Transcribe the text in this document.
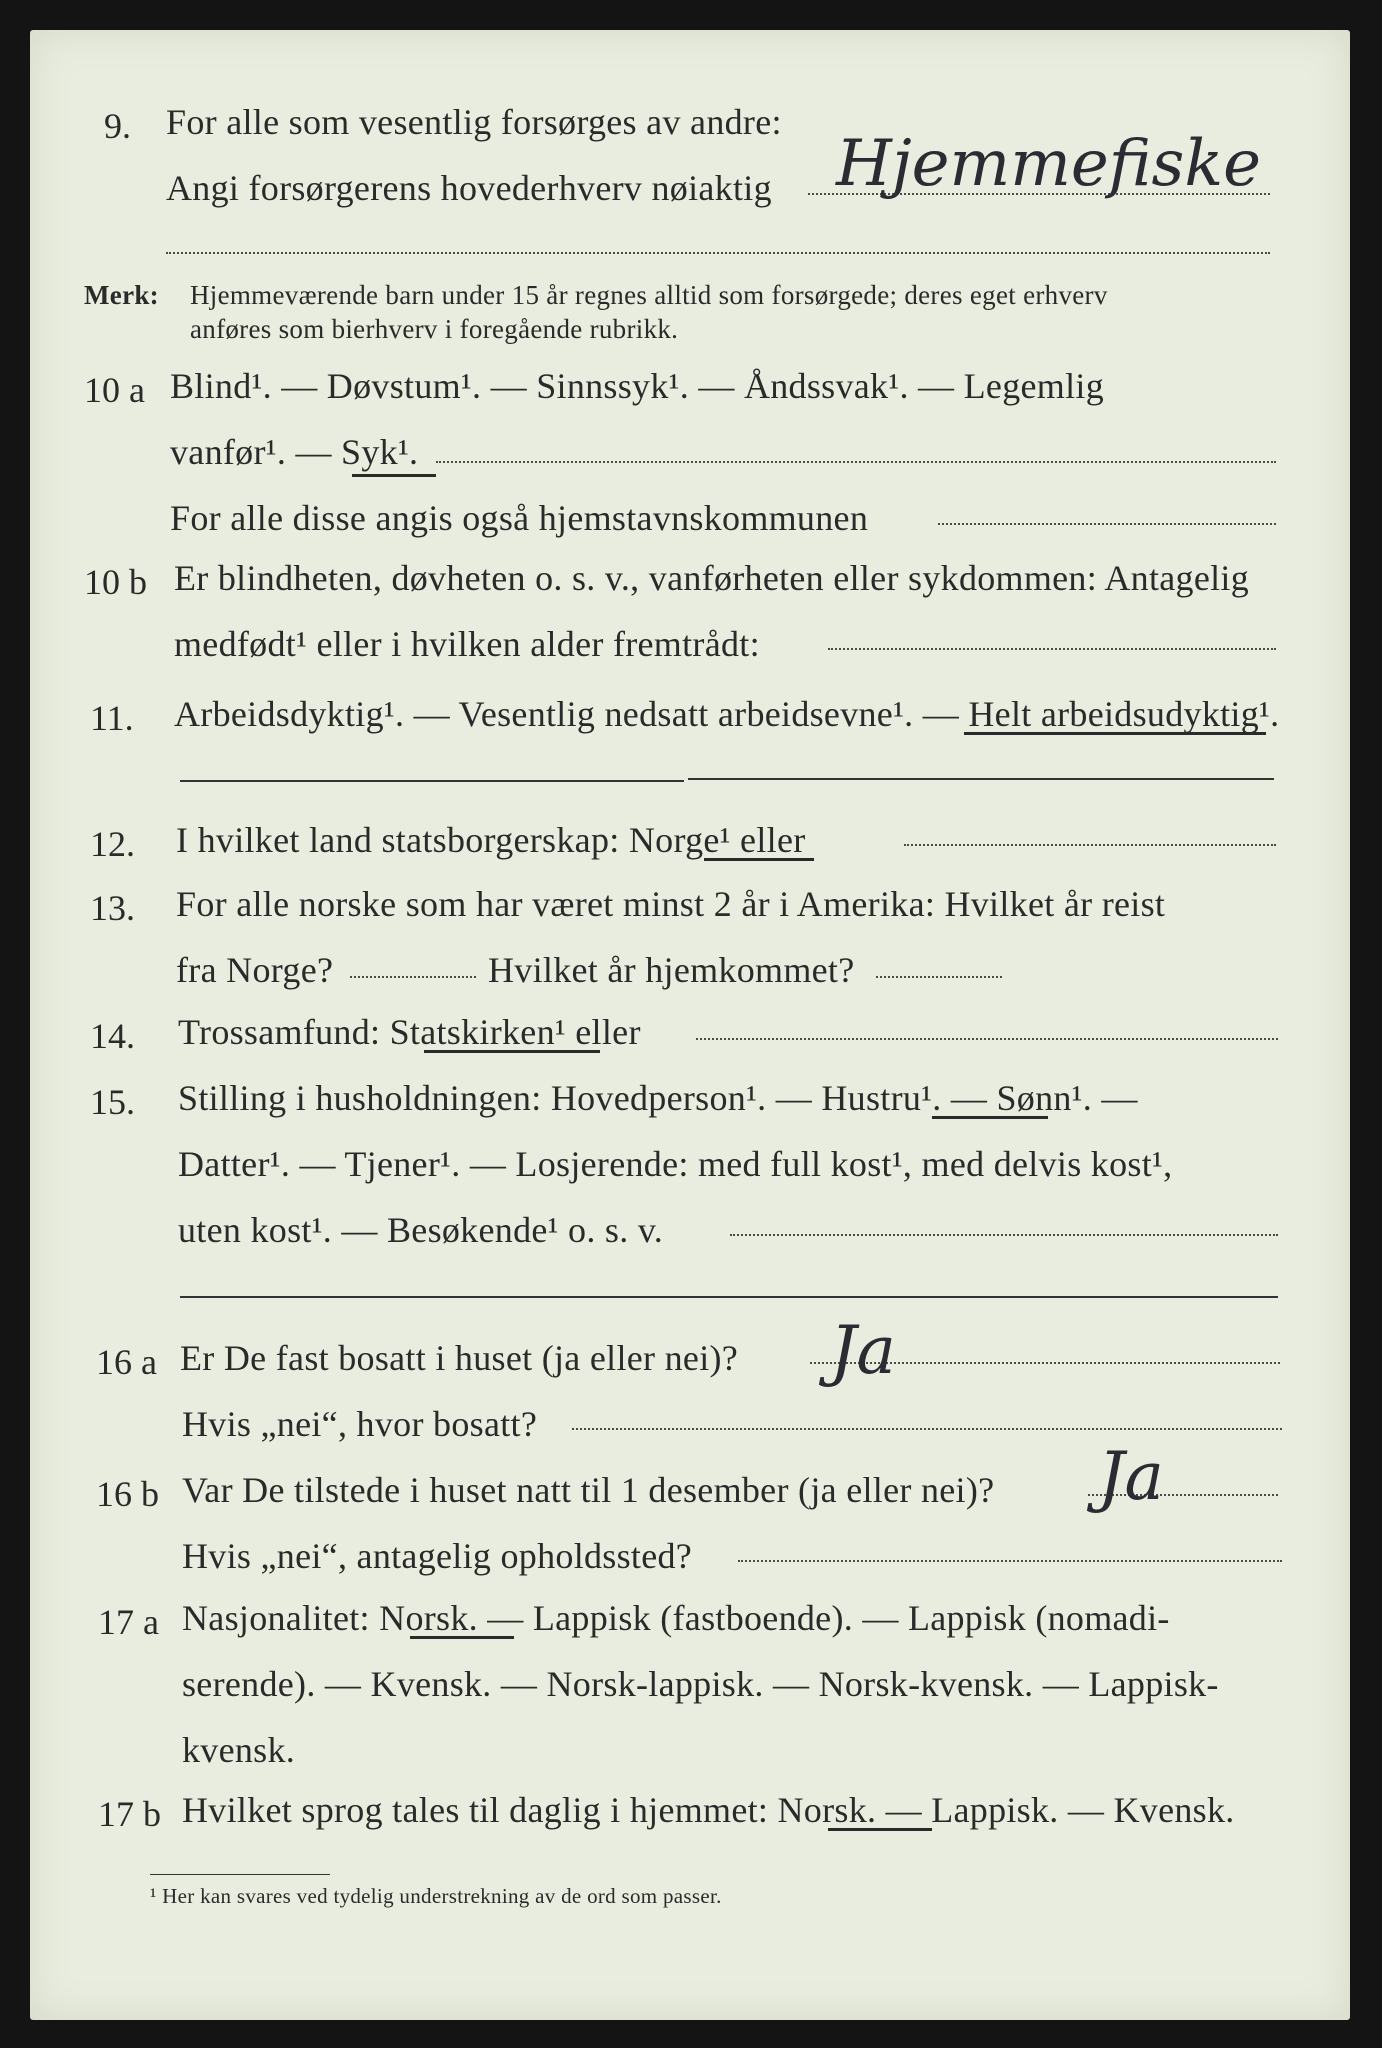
9. For alle som vesentlig forsørges av andre:
Angi forsørgerens hovederhverv nøiaktig Hjemmefiske
Merk: Hjemmeværende barn under 15 år regnes alltid som forsørgede; deres eget erhverv
anføres som bierhverv i foregående rubrikk.
10 a Blind¹. — Døvstum¹. — Sinnssyk¹. — Åndssvak¹. — Legemlig
vanfør¹. — Syk¹.
For alle disse angis også hjemstavnskommunen
10 b Er blindheten, døvheten o. s. v., vanførheten eller sykdommen: Antagelig
medfødt¹ eller i hvilken alder fremtrådt:
11. Arbeidsdyktig¹. — Vesentlig nedsatt arbeidsevne¹. — Helt arbeidsudyktig¹.
12. I hvilket land statsborgerskap: Norge¹ eller
13. For alle norske som har været minst 2 år i Amerika: Hvilket år reist
fra Norge?	Hvilket år hjemkommet?
14. Trossamfund: Statskirken¹ eller
15. Stilling i husholdningen: Hovedperson¹. — Hustru¹. — Sønn¹. —
Datter¹. — Tjener¹. — Losjerende: med full kost¹, med delvis kost¹,
uten kost¹. — Besøkende¹ o. s. v.
16 a Er De fast bosatt i huset (ja eller nei)? Ja
Hvis „nei“, hvor bosatt?
16 b Var De tilstede i huset natt til 1 desember (ja eller nei)? Ja
Hvis „nei“, antagelig opholdssted?
17 a Nasjonalitet: Norsk. — Lappisk (fastboende). — Lappisk (nomadi-
serende). — Kvensk. — Norsk-lappisk. — Norsk-kvensk. — Lappisk-
kvensk.
17 b Hvilket sprog tales til daglig i hjemmet: Norsk. — Lappisk. — Kvensk.
¹ Her kan svares ved tydelig understrekning av de ord som passer.
